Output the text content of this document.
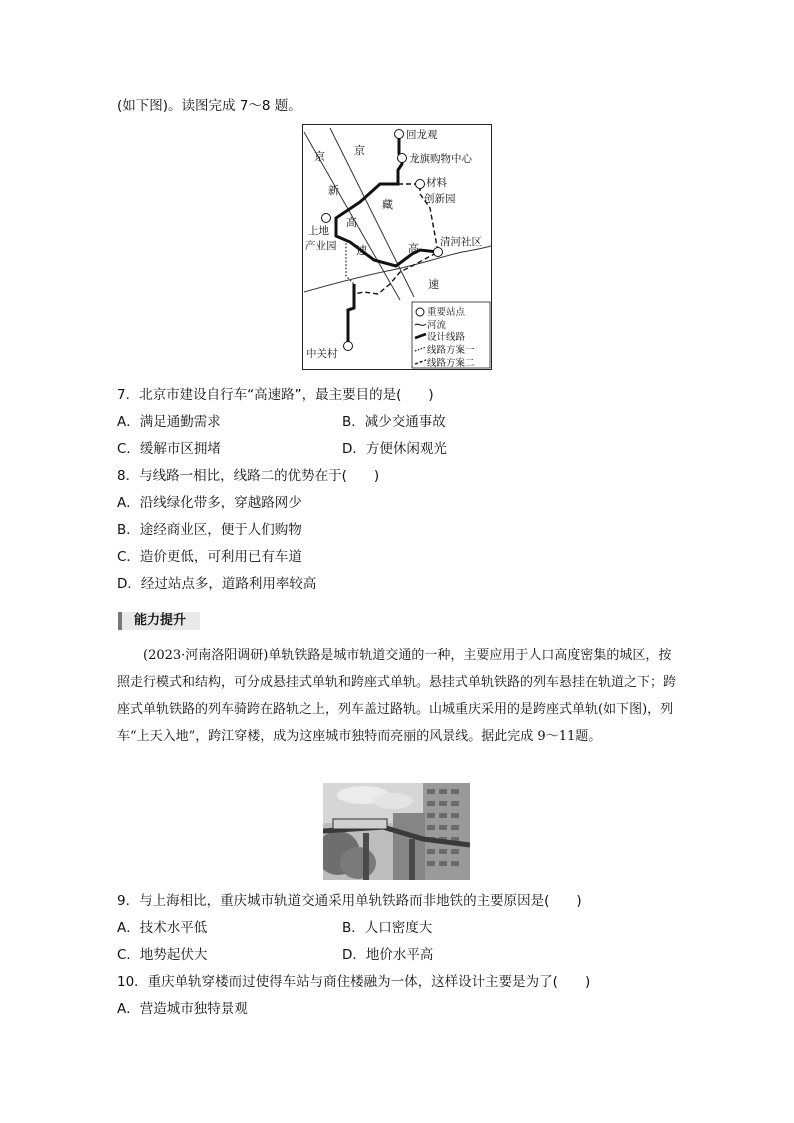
(如下图)。读图完成 7～8 题。
回龙观
龙旗购物中心
材料
创新园
上地
产业园	清河社区
中关村
京	京
新
高
藏
速	高
速
重要站点
河流
设计线路
线路方案一
线路方案二
7．北京市建设自行车“高速路”，最主要目的是(　　)
A．满足通勤需求	B．减少交通事故
C．缓解市区拥堵	D．方便休闲观光
8．与线路一相比，线路二的优势在于(　　)
A．沿线绿化带多，穿越路网少
B．途经商业区，便于人们购物
C．造价更低，可利用已有车道
D．经过站点多，道路利用率较高
能力提升
(2023·河南洛阳调研)单轨铁路是城市轨道交通的一种，主要应用于人口高度密集的城区，按照走行模式和结构，可分成悬挂式单轨和跨座式单轨。悬挂式单轨铁路的列车悬挂在轨道之下；跨座式单轨铁路的列车骑跨在路轨之上，列车盖过路轨。山城重庆采用的是跨座式单轨(如下图)，列车“上天入地”，跨江穿楼，成为这座城市独特而亮丽的风景线。据此完成 9～11题。
9．与上海相比，重庆城市轨道交通采用单轨铁路而非地铁的主要原因是(　　)
A．技术水平低	B．人口密度大
C．地势起伏大	D．地价水平高
10．重庆单轨穿楼而过使得车站与商住楼融为一体，这样设计主要是为了(　　)
A．营造城市独特景观
